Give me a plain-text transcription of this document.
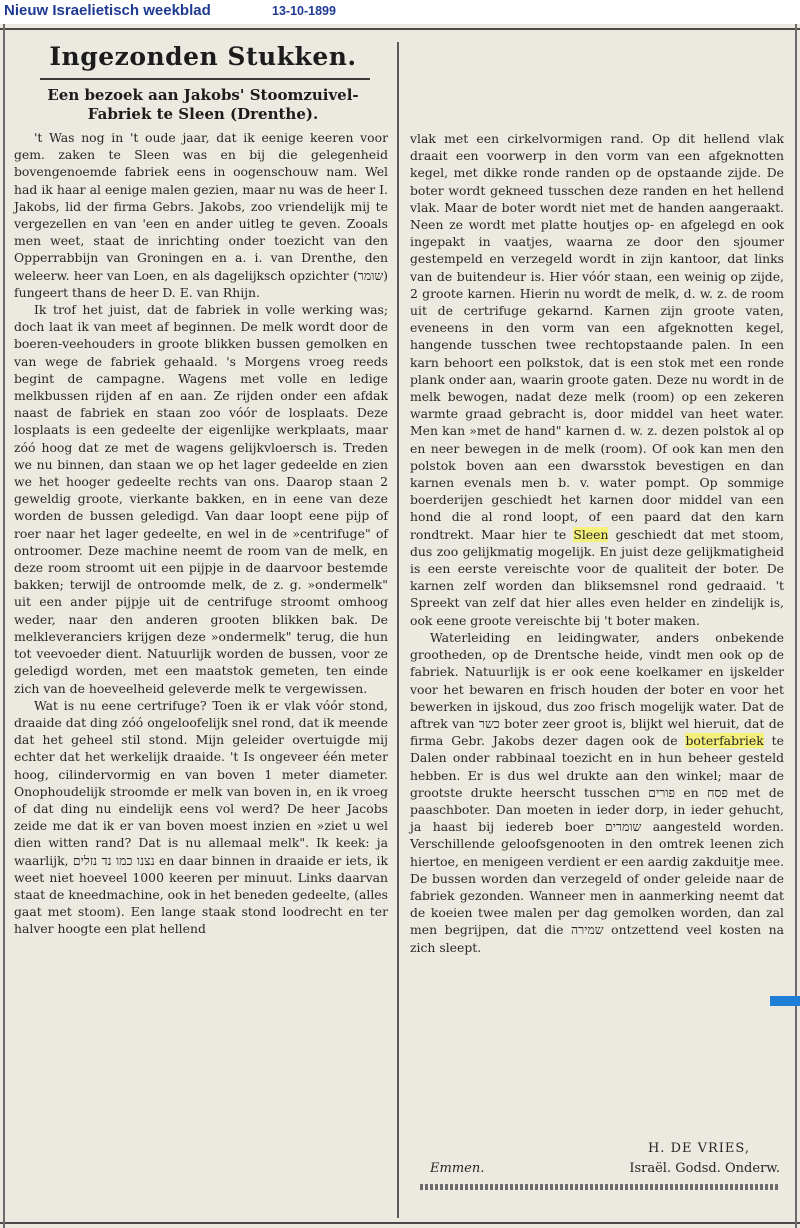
Nieuw Israelietisch weekblad	13-10-1899
Ingezonden Stukken.
Een bezoek aan Jakobs' Stoomzuivel-Fabriek te Sleen (Drenthe).

't Was nog in 't oude jaar, dat ik eenige keeren voor gem. zaken te Sleen was en bij die gelegenheid bovengenoemde fabriek eens in oogenschouw nam. Wel had ik haar al eenige malen gezien, maar nu was de heer I. Jakobs, lid der firma Gebrs. Jakobs, zoo vriendelijk mij te vergezellen en van 'een en ander uitleg te geven. Zooals men weet, staat de inrichting onder toezicht van den Opperrabbijn van Groningen en a. i. van Drenthe, den weleerw. heer van Loen, en als dagelijksch opzichter (שומר) fungeert thans de heer D. E. van Rhijn.

Ik trof het juist, dat de fabriek in volle werking was; doch laat ik van meet af beginnen. De melk wordt door de boeren-veehouders in groote blikken bussen gemolken en van wege de fabriek gehaald. 's Morgens vroeg reeds begint de campagne. Wagens met volle en ledige melkbussen rijden af en aan. Ze rijden onder een afdak naast de fabriek en staan zoo vóór de losplaats. Deze losplaats is een gedeelte der eigenlijke werkplaats, maar zóó hoog dat ze met de wagens gelijkvloersch is. Treden we nu binnen, dan staan we op het lager gedeelde en zien we het hooger gedeelte rechts van ons. Daarop staan 2 geweldig groote, vierkante bakken, en in eene van deze worden de bussen geledigd. Van daar loopt eene pijp of roer naar het lager gedeelte, en wel in de »centrifuge" of ontroomer. Deze machine neemt de room van de melk, en deze room stroomt uit een pijpje in de daarvoor bestemde bakken; terwijl de ontroomde melk, de z. g. »ondermelk" uit een ander pijpje uit de centrifuge stroomt omhoog weder, naar den anderen grooten blikken bak. De melkleveranciers krijgen deze »ondermelk" terug, die hun tot veevoeder dient. Natuurlijk worden de bussen, voor ze geledigd worden, met een maatstok gemeten, ten einde zich van de hoeveelheid geleverde melk te vergewissen.

Wat is nu eene certrifuge? Toen ik er vlak vóór stond, draaide dat ding zóó ongeloofelijk snel rond, dat ik meende dat het geheel stil stond. Mijn geleider overtuigde mij echter dat het werkelijk draaide. 't Is ongeveer één meter hoog, cilindervormig en van boven 1 meter diameter. Onophoudelijk stroomde er melk van boven in, en ik vroeg of dat ding nu eindelijk eens vol werd? De heer Jacobs zeide me dat ik er van boven moest inzien en »ziet u wel dien witten rand? Dat is nu allemaal melk". Ik keek: ja waarlijk, נצנו כמו נד נזלים en daar binnen in draaide er iets, ik weet niet hoeveel 1000 keeren per minuut. Links daarvan staat de kneedmachine, ook in het beneden gedeelte, (alles gaat met stoom). Een lange staak stond loodrecht en ter halver hoogte een plat hellend

vlak met een cirkelvormigen rand. Op dit hellend vlak draait een voorwerp in den vorm van een afgeknotten kegel, met dikke ronde randen op de opstaande zijde. De boter wordt gekneed tusschen deze randen en het hellend vlak. Maar de boter wordt niet met de handen aangeraakt. Neen ze wordt met platte houtjes op- en afgelegd en ook ingepakt in vaatjes, waarna ze door den sjoumer gestempeld en verzegeld wordt in zijn kantoor, dat links van de buitendeur is. Hier vóór staan, een weinig op zijde, 2 groote karnen. Hierin nu wordt de melk, d. w. z. de room uit de certrifuge gekarnd. Karnen zijn groote vaten, eveneens in den vorm van een afgeknotten kegel, hangende tusschen twee rechtopstaande palen. In een karn behoort een polkstok, dat is een stok met een ronde plank onder aan, waarin groote gaten. Deze nu wordt in de melk bewogen, nadat deze melk (room) op een zekeren warmte graad gebracht is, door middel van heet water. Men kan »met de hand" karnen d. w. z. dezen polstok al op en neer bewegen in de melk (room). Of ook kan men den polstok boven aan een dwarsstok bevestigen en dan karnen evenals men b. v. water pompt. Op sommige boerderijen geschiedt het karnen door middel van een hond die al rond loopt, of een paard dat den karn rondtrekt. Maar hier te Sleen geschiedt dat met stoom, dus zoo gelijkmatig mogelijk. En juist deze gelijkmatigheid is een eerste vereischte voor de qualiteit der boter. De karnen zelf worden dan bliksemsnel rond gedraaid. 't Spreekt van zelf dat hier alles even helder en zindelijk is, ook eene groote vereischte bij 't boter maken.

Waterleiding en leidingwater, anders onbekende grootheden, op de Drentsche heide, vindt men ook op de fabriek. Natuurlijk is er ook eene koelkamer en ijskelder voor het bewaren en frisch houden der boter en voor het bewerken in ijskoud, dus zoo frisch mogelijk water. Dat de aftrek van כשר boter zeer groot is, blijkt wel hieruit, dat de firma Gebr. Jakobs dezer dagen ook de boterfabriek te Dalen onder rabbinaal toezicht en in hun beheer gesteld hebben. Er is dus wel drukte aan den winkel; maar de grootste drukte heerscht tusschen פורים en פסח met de paaschboter. Dan moeten in ieder dorp, in ieder gehucht, ja haast bij iedereb boer שומרים aangesteld worden. Verschillende geloofsgenooten in den omtrek leenen zich hiertoe, en menigeen verdient er een aardig zakduitje mee. De bussen worden dan verzegeld of onder geleide naar de fabriek gezonden. Wanneer men in aanmerking neemt dat de koeien twee malen per dag gemolken worden, dan zal men begrijpen, dat die שמירה ontzettend veel kosten na zich sleept.

H. DE VRIES,
Emmen.	Israël. Godsd. Onderw.
